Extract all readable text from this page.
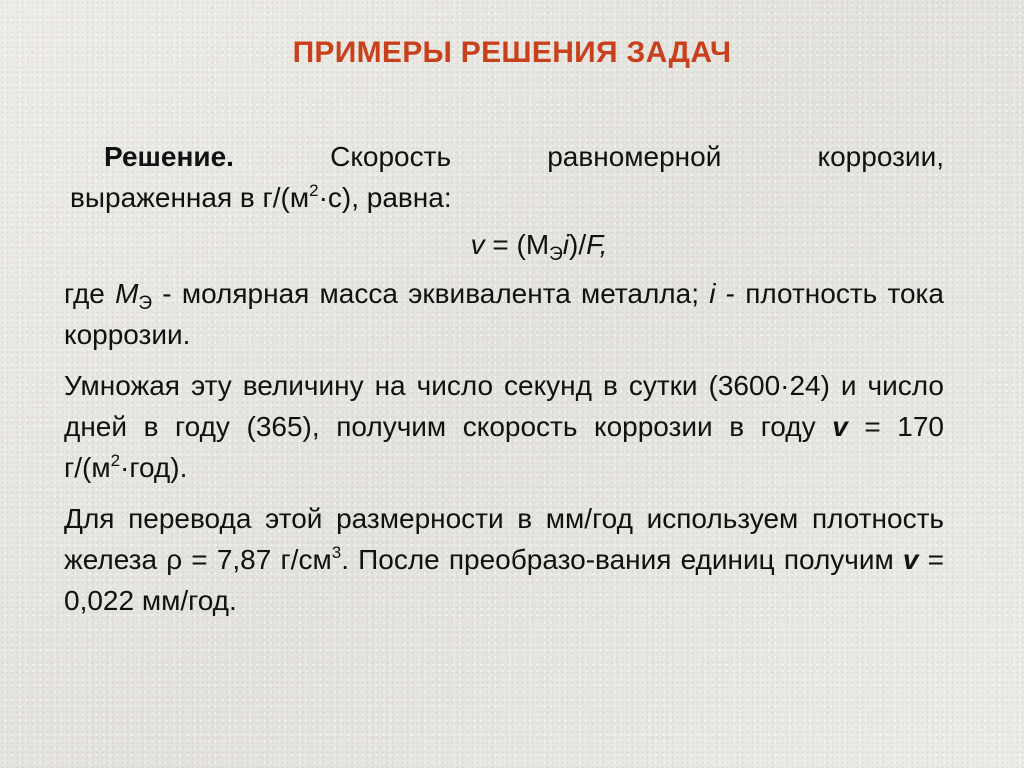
ПРИМЕРЫ РЕШЕНИЯ ЗАДАЧ
Решение.	Скорость	равномерной	коррозии,
выраженная в $г/(м^2\cdot с)$, равна:
$v = (М_Эi)/F$,

где $М_Э$ - молярная масса эквивалента металла; i - плотность тока коррозии.

Умножая эту величину на число секунд в сутки (3600·24) и число дней в году (365), получим скорость коррозии в году v = 170 $г/(м^2\cdot год)$.

Для перевода этой размерности в мм/год используем плотность железа ρ = 7,87 $г/см^3$. После преобразо-вания единиц получим v = 0,022 мм/год.
